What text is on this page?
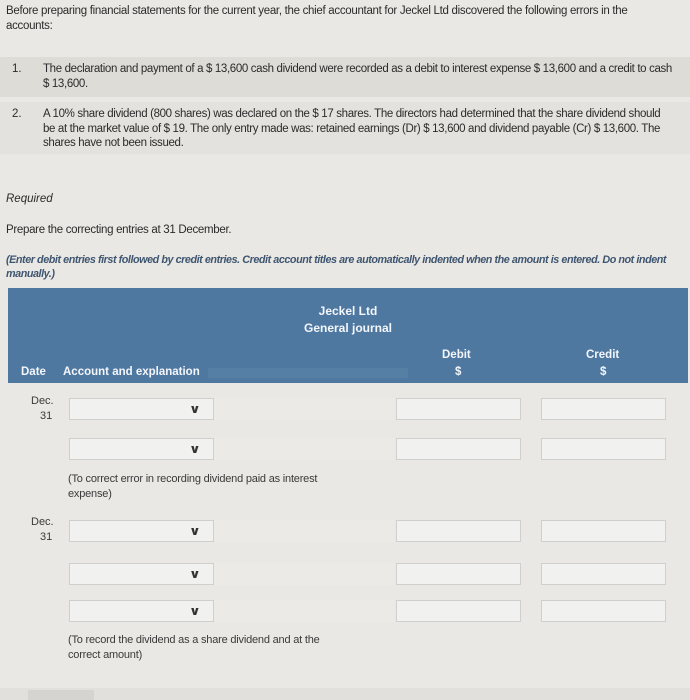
Before preparing financial statements for the current year, the chief accountant for Jeckel Ltd discovered the following errors in the accounts:
1. The declaration and payment of a $ 13,600 cash dividend were recorded as a debit to interest expense $ 13,600 and a credit to cash $ 13,600.
2. A 10% share dividend (800 shares) was declared on the $ 17 shares. The directors had determined that the share dividend should be at the market value of $ 19. The only entry made was: retained earnings (Dr) $ 13,600 and dividend payable (Cr) $ 13,600. The shares have not been issued.
Required
Prepare the correcting entries at 31 December.
(Enter debit entries first followed by credit entries. Credit account titles are automatically indented when the amount is entered. Do not indent manually.)
Jeckel Ltd
General journal
Date Account and explanation
Debit
$
Credit
$
Dec.
31	∨
∨
(To correct error in recording dividend paid as interest expense)
Dec.
31	∨
∨
∨
(To record the dividend as a share dividend and at the correct amount)
